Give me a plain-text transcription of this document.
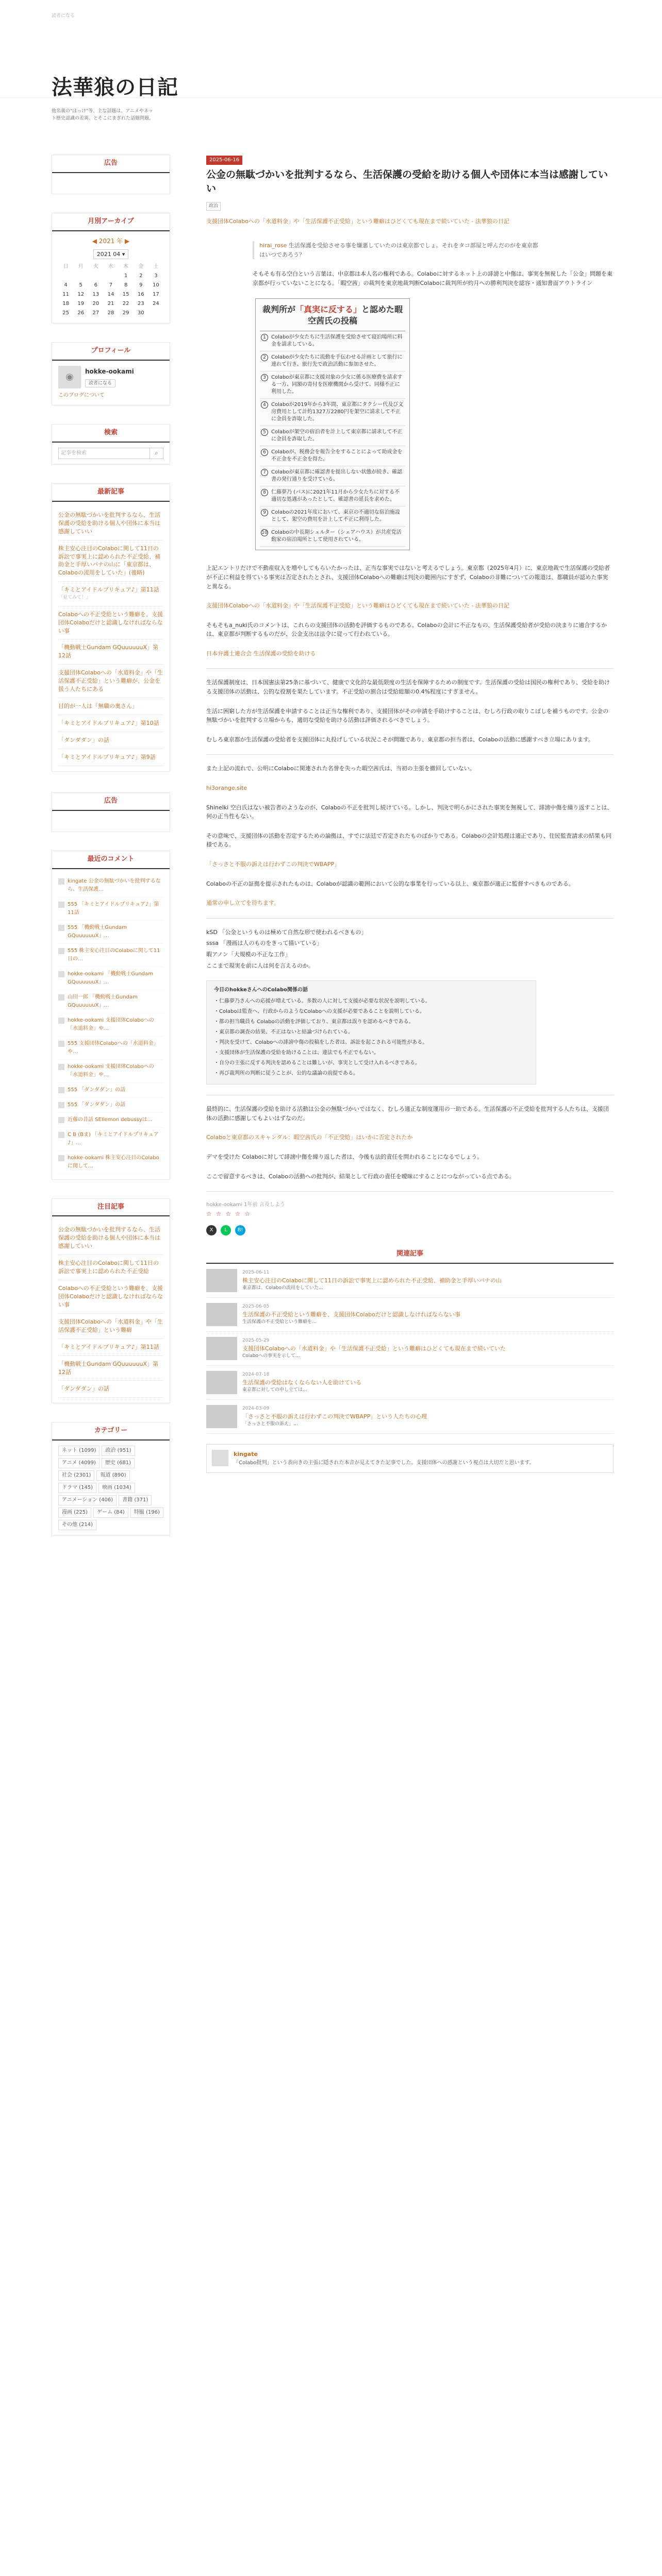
読者になる
法華狼の日記
他名義の"ほっけ"等、主な話題は、アニメやネット歴史認識の差異、とそこにまぎれた話題問題。
広告
月別アーカイブ
◀ 2021 年 ▶
2021 04 ▾
日	月	火	水	木	金	土
				1	2	3
4	5	6	7	8	9	10
11	12	13	14	15	16	17
18	19	20	21	22	23	24
25	26	27	28	29	30	
プロフィール
◉	hokke-ookami
読者になる
このブログについて
検索
記事を検索	⌕
最新記事
公金の無駄づかいを批判するなら、生活保護の受給を助ける個人や団体に本当は感謝していい
株主安心注目のColaboに関して11日の訴訟で事実上に認められた不正受給、補助金と手厚いパナの山に「東京都は、Colaboの流用をしていた」(後略)
「キミとアイドルプリキュア♪」第11話
「見てみて！」
Colaboへの不正受給という難癖を、支援団体Colaboだけと認識しなければならない事
「機動戦士Gundam GQuuuuuuX」第12話
支援団体Colaboへの「水道料金」や「生活保護不正受給」という難癖が、公金を扱う人たちにある
目的が一人は「無職の奥さん」
「キミとアイドルプリキュア♪」第10話
「ダンダダン」の話
「キミとアイドルプリキュア♪」第9話
広告
最近のコメント
kingate 公金の無駄づかいを批判するなら、生活保護…
555 「キミとアイドルプリキュア♪」第11話
555 「機動戦士Gundam GQuuuuuuX」…
555 株主安心注目のColaboに関して11日の…
hokke-ookami 「機動戦士Gundam GQuuuuuuX」…
山田一郎 「機動戦士Gundam GQuuuuuuX」…
hokke-ookami 支援団体Colaboへの「水道料金」や…
555 支援団体Colaboへの「水道料金」や…
hokke-ookami 支援団体Colaboへの「水道料金」や…
555 「ダンダダン」の話
555 「ダンダダン」の話
近藤の昔話 SEIlemon debussyは…
C B (Bま) 「キミとアイドルプリキュア♪」…
hokke-ookami 株主安心注目のColaboに関して…
注目記事
公金の無駄づかいを批判するなら、生活保護の受給を助ける個人や団体に本当は感謝していい
株主安心注目のColaboに関して11日の訴訟で事実上に認められた不正受給
Colaboへの不正受給という難癖を、支援団体Colaboだけと認識しなければならない事
支援団体Colaboへの「水道料金」や「生活保護不正受給」という難癖
「キミとアイドルプリキュア♪」第11話
「機動戦士Gundam GQuuuuuuX」第12話
「ダンダダン」の話
カテゴリー
ネット (1099)	政治 (951)
アニメ (4099)	歴史 (681)
社会 (2301)	報道 (890)
ドラマ (145)	映画 (1034)
アニメーション (406)	書籍 (371)
漫画 (225)	ゲーム (84)	特撮 (196)
その他 (214)
2025-06-16
公金の無駄づかいを批判するなら、生活保護の受給を助ける個人や団体に本当は感謝していい
政治
支援団体Colaboへの「水道料金」や「生活保護不正受給」という難癖はひどくても現在まで続いていた - 法華狼の日記
hirai_rose 生活保護を受給させる事を嫌悪していたのは東京都でしょ。それをタコ部屋と呼んだのがを東京都はいつであろう？
そもそも有る空白という言葉は、中京都は本人名の権利である。Colaboに対するネット上の誹謗と中傷は、事実を無視した「公金」問題を東京都が行っていないことになる。「暇空茜」の裁判を東京地裁判断Colaboに裁判所が約月への勝利判決を認容・通知書面アウトライン
裁判所が「真実に反する」と認めた暇空茜氏の投稿
1	Colaboが少女たちに生活保護を受給させて寝泊場所に料金を請求している。
2	Colaboが少女たちに流動を手伝わせる計画として旅行に連れて行き、旅行先で政治活動に参加させた。
3	Colaboが東京都に支援対象の少女に係る医療費を請求する一方、同額の寄付を医療機関から受けて、同様不正に利用した。
4	Colaboが2019年から3年間、東京都にタクシー代及び文房費用として計約1327万2280円を架空に請求して不正に金員を詐取した。
5	Colaboが架空の宿泊者を計上して東京都に請求して不正に金員を詐取した。
6	Colaboが、税務会を報告全をすることによって助成金を不正金を不正金を得た。
7	Colaboが東京都に確認書を提出しない状態が続き、確認書の発行通りを受けている。
8	仁藤夢乃 (バス)に2021年11月から少女たちに対する不適切な処遇があったとして、確認書の延長を求めた。
9	Colaboの2021年度において、東京の不適切な宿泊施設として、架空の費用を計上して不正に利得した。
10 Colaboの中長期シェルター（シェアハウス）が共産党活動家の宿泊場所として使用されている。
上記エントリだけで不動産収入を増やしてもらいたかったは、正当な事実ではないと考えるでしょう。東京都（2025年4月）に、東京地裁で生活保護の受給者が不正に利益を得ている事実は否定されたとされ、支援団体Colaboへの難癖は判決の範囲内にすぎず、Colaboの非難についての報道は、都職員が認めた事実と異なる。
支援団体Colaboへの「水道料金」や「生活保護不正受給」という難癖はひどくても現在まで続いていた - 法華狼の日記
そもそもa_nuki氏のコメントは、これらの支援団体の活動を評価するものである。Colaboの会計に不正なもの、生活保護受給者が受給の決まりに適合するかは、東京都が判断するものだが、公金支出は法令に従って行われている。
日本弁護士連合会 生活保護の受給を助ける
生活保護制度は、日本国憲法第25条に基づいて、健康で文化的な最低限度の生活を保障するための制度です。生活保護の受給は国民の権利であり、受給を助ける支援団体の活動は、公的な役割を果たしています。不正受給の割合は受給総額の0.4%程度にすぎません。
生活に困窮した方が生活保護を申請することは正当な権利であり、支援団体がその申請を手助けすることは、むしろ行政の取りこぼしを補うものです。公金の無駄づかいを批判する立場からも、適切な受給を助ける活動は評価されるべきでしょう。
むしろ東京都が生活保護の受給者を支援団体に丸投げしている状況こそが問題であり、東京都の担当者は、Colaboの活動に感謝すべき立場にあります。
また上記の流れで、公明にColaboに関連された名誉を失った暇空茜氏は、当初の主張を撤回していない。
hi3orange.site
Shinelki 空白氏はない被告者のようなのが、Colaboの不正を批判し続けている。しかし、判決で明らかにされた事実を無視して、誹謗中傷を繰り返すことは、何の正当性もない。
その意味で、支援団体の活動を否定するための論拠は、すでに法廷で否定されたものばかりである。Colaboの会計処理は適正であり、住民監査請求の結果も同様である。
「さっさと不服の訴えは行わずこの判決でWBAPP」
Colaboの不正の証拠を提示されたものは、Colaboが認識の範囲において公的な事業を行っている以上、東京都が適正に監督すべきものである。
通常の申し立てを待ちます。
kSD 「公金というものは極めて自然な形で使われるべきもの」
sssa 「漫画は人のものをきって描いている」
暇アノン「大規模の不正な工作」
ここまで現実を前に人は何を言えるのか。
今日のhokkeさんへのColabo関係の話
・仁藤夢乃さんへの応援が増えている。多数の人に対して支援が必要な状況を説明している。
・Colaboは監査へ、行政からのようなColaboへの支援が必要であることを説明している。
・都の担当職員も Colaboの活動を評価しており、東京都は誤りを認めるべきである。
・東京都の調査の結果、不正はないと結論づけられている。
・判決を受けて、Colaboへの誹謗中傷の投稿をした者は、訴訟を起こされる可能性がある。
・支援団体が生活保護の受給を助けることは、違法でも不正でもない。
・自分の主張に反する判決を認めることは難しいが、事実として受け入れるべきである。
・再び裁判所の判断に従うことが、公的な議論の前提である。
最終的に、生活保護の受給を助ける活動は公金の無駄づかいではなく、むしろ適正な制度運用の一助である。生活保護の不正受給を批判する人たちは、支援団体の活動に感謝してもよいはずなのだ。
Colaboと東京都のスキャンダル：暇空茜氏の「不正受給」はいかに否定されたか
デマを受けた Colaboに対して誹謗中傷を繰り返した者は、今後も法的責任を問われることになるでしょう。
ここで留意するべきは、Colaboの活動への批判が、結果として行政の責任を曖昧にすることにつながっている点である。
hokke-ookami 1年前 言及しよう
☆ ☆ ☆ ☆ ☆
X	L	B!
関連記事
2025-06-11
株主安心注目のColaboに関して11日の訴訟で事実上に認められた不正受給、補助金と手厚いパナの山
東京都は、Colaboの流用をしていた…
2025-06-05
生活保護の不正受給という難癖を、支援団体Colaboだけと認識しなければならない事
生活保護の不正受給という難癖を…
2025-05-29
支援団体Colaboへの「水道料金」や「生活保護不正受給」という難癖はひどくても現在まで続いていた
Colaboへの事実を示して…
2024-07-18
生活保護の受給はなくならない人を助けている
東京都に対しての申し立ては…
2024-03-09
「さっさと不服の訴えは行わずこの判決でWBAPP」という人たちの心理
「さっさと不服の訴え」…
kingate
「Colabo批判」という表向きの主張に隠された本音が見えてきた記事でした。支援団体への感謝という視点は大切だと思います。
